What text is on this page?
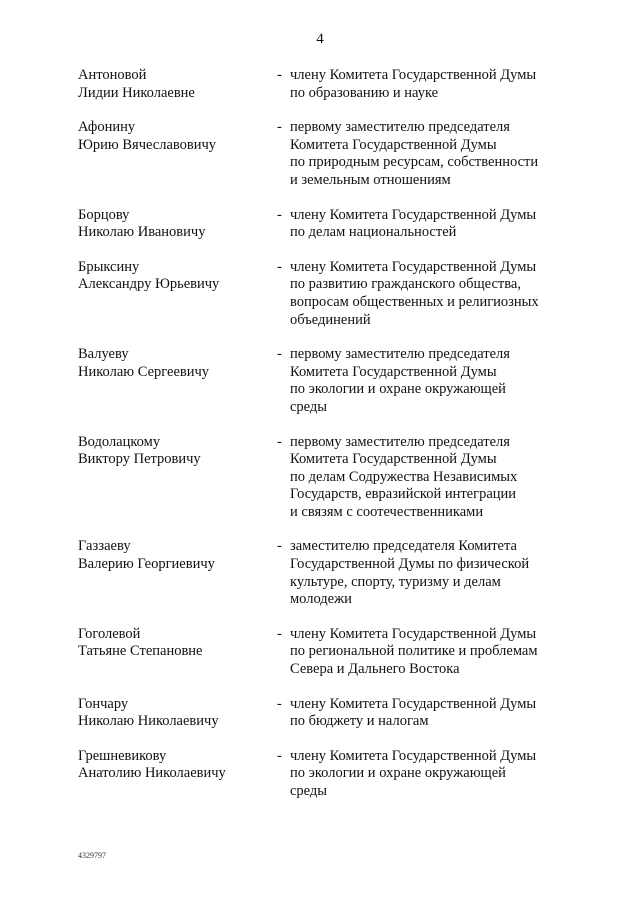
4
Антоновой
Лидии Николаевне
- члену Комитета Государственной Думы
по образованию и науке
Афонину
Юрию Вячеславовичу
- первому заместителю председателя
Комитета Государственной Думы
по природным ресурсам, собственности
и земельным отношениям
Борцову
Николаю Ивановичу
- члену Комитета Государственной Думы
по делам национальностей
Брыксину
Александру Юрьевичу
- члену Комитета Государственной Думы
по развитию гражданского общества,
вопросам общественных и религиозных
объединений
Валуеву
Николаю Сергеевичу
- первому заместителю председателя
Комитета Государственной Думы
по экологии и охране окружающей
среды
Водолацкому
Виктору Петровичу
- первому заместителю председателя
Комитета Государственной Думы
по делам Содружества Независимых
Государств, евразийской интеграции
и связям с соотечественниками
Газзаеву
Валерию Георгиевичу
- заместителю председателя Комитета
Государственной Думы по физической
культуре, спорту, туризму и делам
молодежи
Гоголевой
Татьяне Степановне
- члену Комитета Государственной Думы
по региональной политике и проблемам
Севера и Дальнего Востока
Гончару
Николаю Николаевичу
- члену Комитета Государственной Думы
по бюджету и налогам
Грешневикову
Анатолию Николаевичу
- члену Комитета Государственной Думы
по экологии и охране окружающей
среды
4329797
